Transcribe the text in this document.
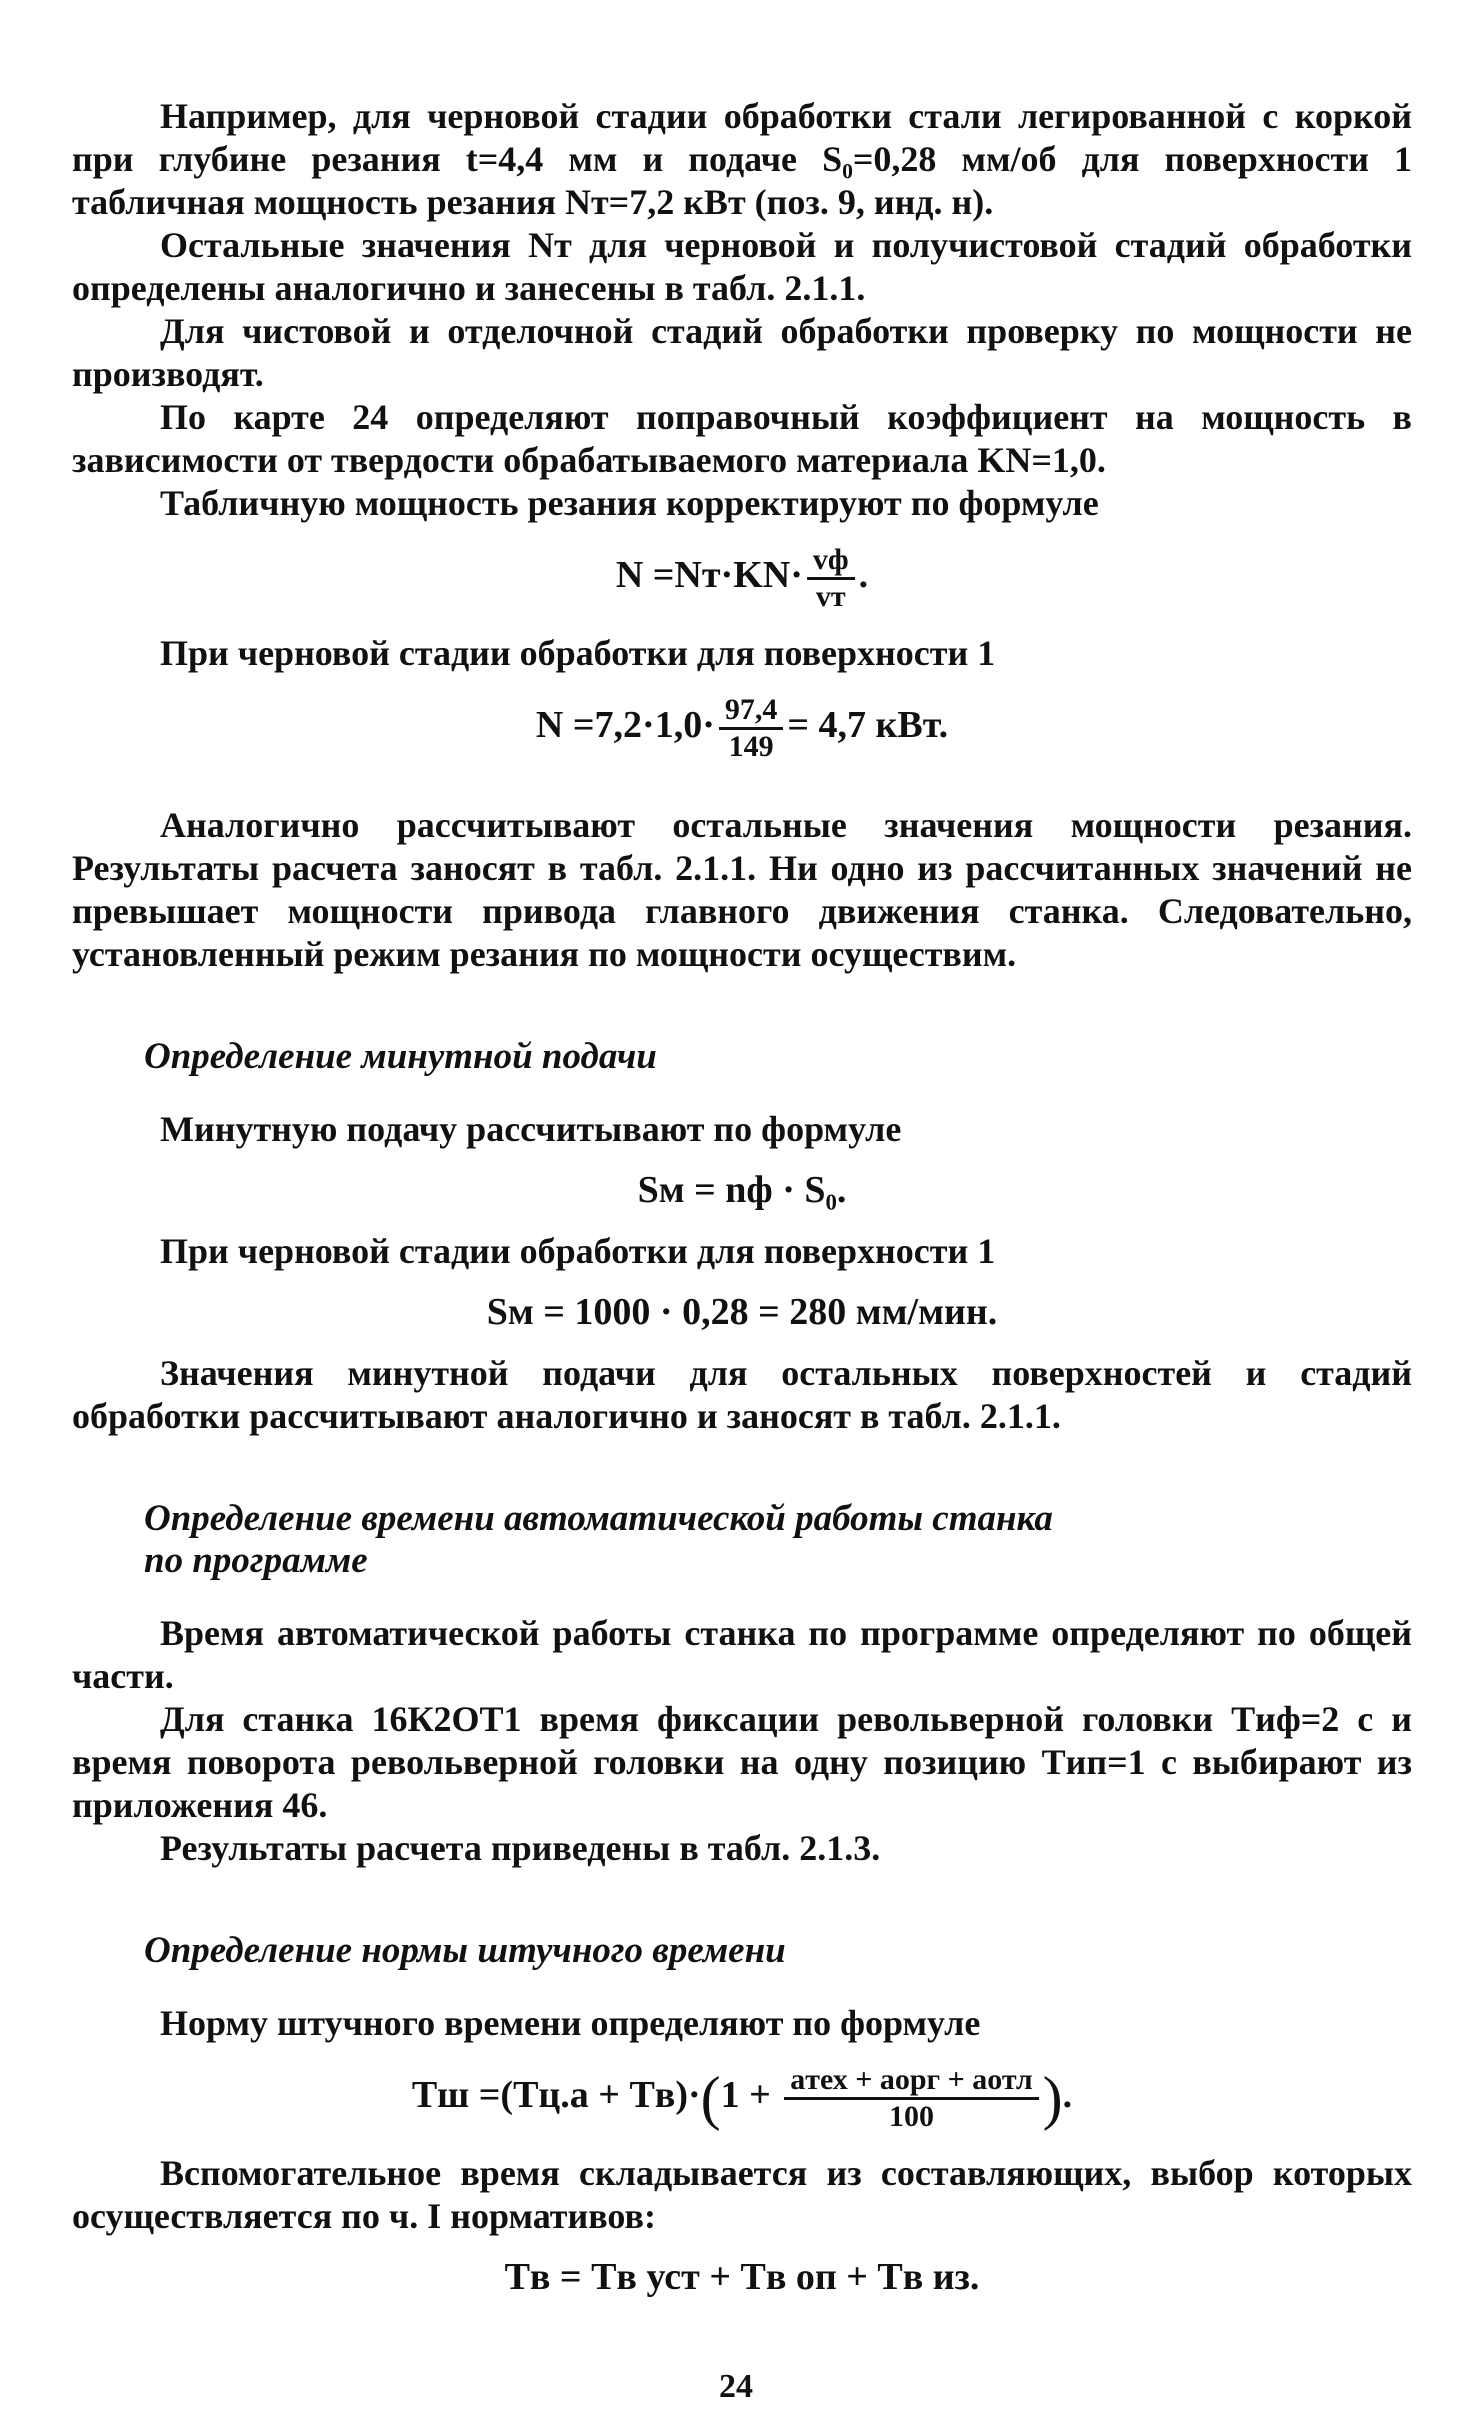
Например, для черновой стадии обработки стали легированной с коркой при глубине резания t=4,4 мм и подаче S₀=0,28 мм/об для поверхности 1 табличная мощность резания Nт=7,2 кВт (поз. 9, инд. н).

Остальные значения Nт для черновой и получистовой стадий обработки определены аналогично и занесены в табл. 2.1.1.

Для чистовой и отделочной стадий обработки проверку по мощности не производят.

По карте 24 определяют поправочный коэффициент на мощность в зависимости от твердости обрабатываемого материала KN=1,0.

Табличную мощность резания корректируют по формуле

$N =Nт\cdot KN\cdot \frac{vф}{vт}$ .

При черновой стадии обработки для поверхности 1

$N =7,2\cdot 1,0\cdot \frac{97,4}{149} = 4,7$ кВт.

Аналогично рассчитывают остальные значения мощности резания. Результаты расчета заносят в табл. 2.1.1. Ни одно из рассчитанных значений не превышает мощности привода главного движения станка. Следовательно, установленный режим резания по мощности осуществим.

Определение минутной подачи

Минутную подачу рассчитывают по формуле

Sм = nф · S₀.

При черновой стадии обработки для поверхности 1

Sм = 1000 · 0,28 = 280 мм/мин.

Значения минутной подачи для остальных поверхностей и стадий обработки рассчитывают аналогично и заносят в табл. 2.1.1.

Определение времени автоматической работы станка
по программе

Время автоматической работы станка по программе определяют по общей части.

Для станка 16К2ОТ1 время фиксации револьверной головки Tиф=2 с и время поворота револьверной головки на одну позицию Tип=1 с выбирают из приложения 46.

Результаты расчета приведены в табл. 2.1.3.

Определение нормы штучного времени

Норму штучного времени определяют по формуле

Tш $=(Tц.а + Tв)\cdot(1 + \frac{\text{aтех + aорг + aотл}}{100}$ ).

Вспомогательное время складывается из составляющих, выбор которых осуществляется по ч. I нормативов:

Tв = Tв уст + Tв оп + Tв из.
24
